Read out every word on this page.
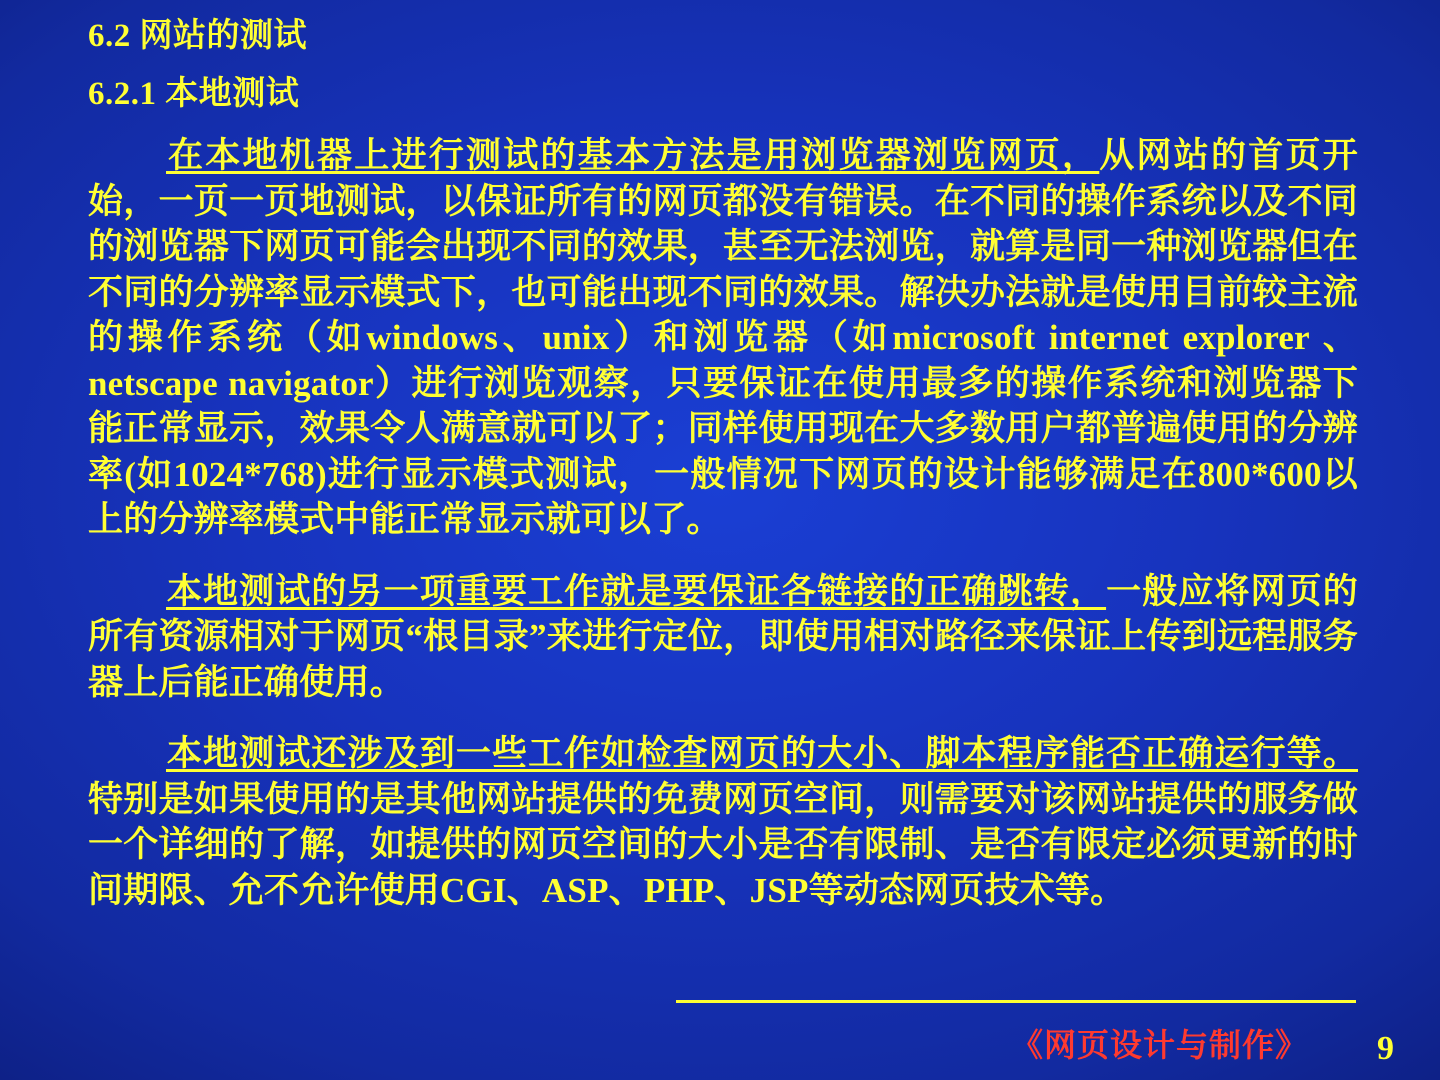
6.2 网站的测试
6.2.1 本地测试

在本地机器上进行测试的基本方法是用浏览器浏览网页，从网站的首页开始，一页一页地测试，以保证所有的网页都没有错误。在不同的操作系统以及不同的浏览器下网页可能会出现不同的效果，甚至无法浏览，就算是同一种浏览器但在不同的分辨率显示模式下，也可能出现不同的效果。解决办法就是使用目前较主流的操作系统（如windows、unix）和浏览器（如microsoft internet explorer 、 netscape navigator）进行浏览观察，只要保证在使用最多的操作系统和浏览器下能正常显示，效果令人满意就可以了；同样使用现在大多数用户都普遍使用的分辨率(如1024*768)进行显示模式测试，一般情况下网页的设计能够满足在800*600以上的分辨率模式中能正常显示就可以了。

本地测试的另一项重要工作就是要保证各链接的正确跳转，一般应将网页的所有资源相对于网页“根目录”来进行定位，即使用相对路径来保证上传到远程服务器上后能正确使用。

本地测试还涉及到一些工作如检查网页的大小、脚本程序能否正确运行等。特别是如果使用的是其他网站提供的免费网页空间，则需要对该网站提供的服务做一个详细的了解，如提供的网页空间的大小是否有限制、是否有限定必须更新的时间期限、允不允许使用CGI、ASP、PHP、JSP等动态网页技术等。

《网页设计与制作》 9
